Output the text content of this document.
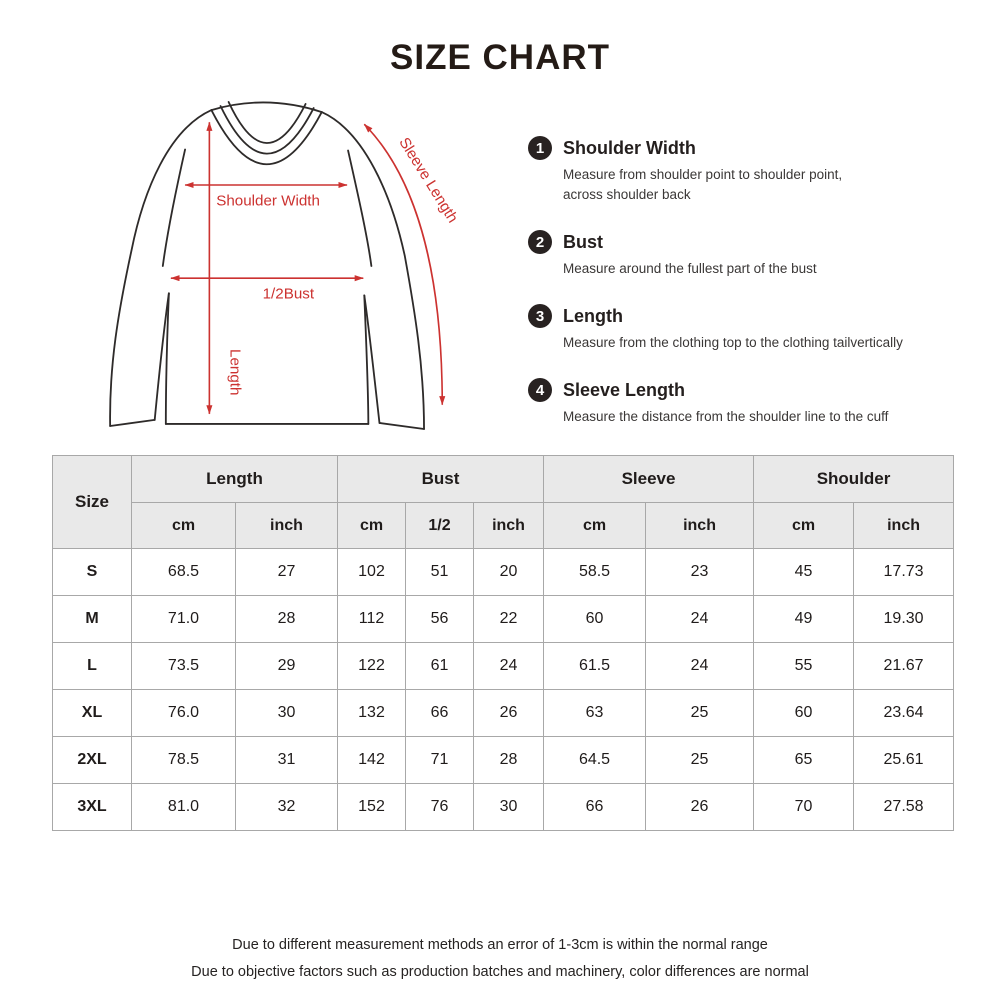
SIZE CHART
Shoulder Width
1/2Bust
Length
Sleeve Length	1	Shoulder Width
Measure from shoulder point to shoulder point,
across shoulder back
2	Bust
Measure around the fullest part of the bust
3	Length
Measure from the clothing top to the clothing tailvertically
4	Sleeve Length
Measure the distance from the shoulder line to the cuff
Size	Length		Bust			Sleeve		Shoulder	
	cm	inch	cm	1/2	inch	cm	inch	cm	inch
S	68.5	27	102	51	20	58.5	23	45	17.73
M	71.0	28	112	56	22	60	24	49	19.30
L	73.5	29	122	61	24	61.5	24	55	21.67
XL	76.0	30	132	66	26	63	25	60	23.64
2XL	78.5	31	142	71	28	64.5	25	65	25.61
3XL	81.0	32	152	76	30	66	26	70	27.58
Due to different measurement methods an error of 1-3cm is within the normal range
Due to objective factors such as production batches and machinery, color differences are normal
